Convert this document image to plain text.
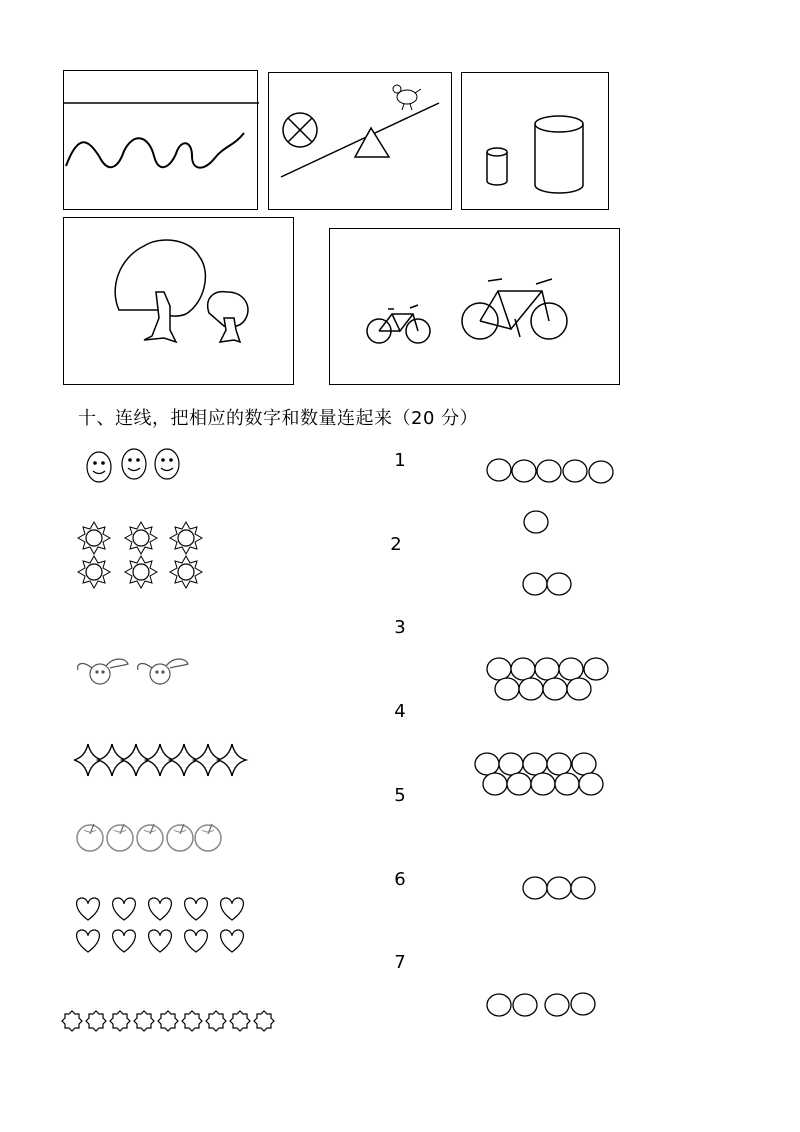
十、连线，把相应的数字和数量连起来（20 分）
1
2
3
4
5
6
7
